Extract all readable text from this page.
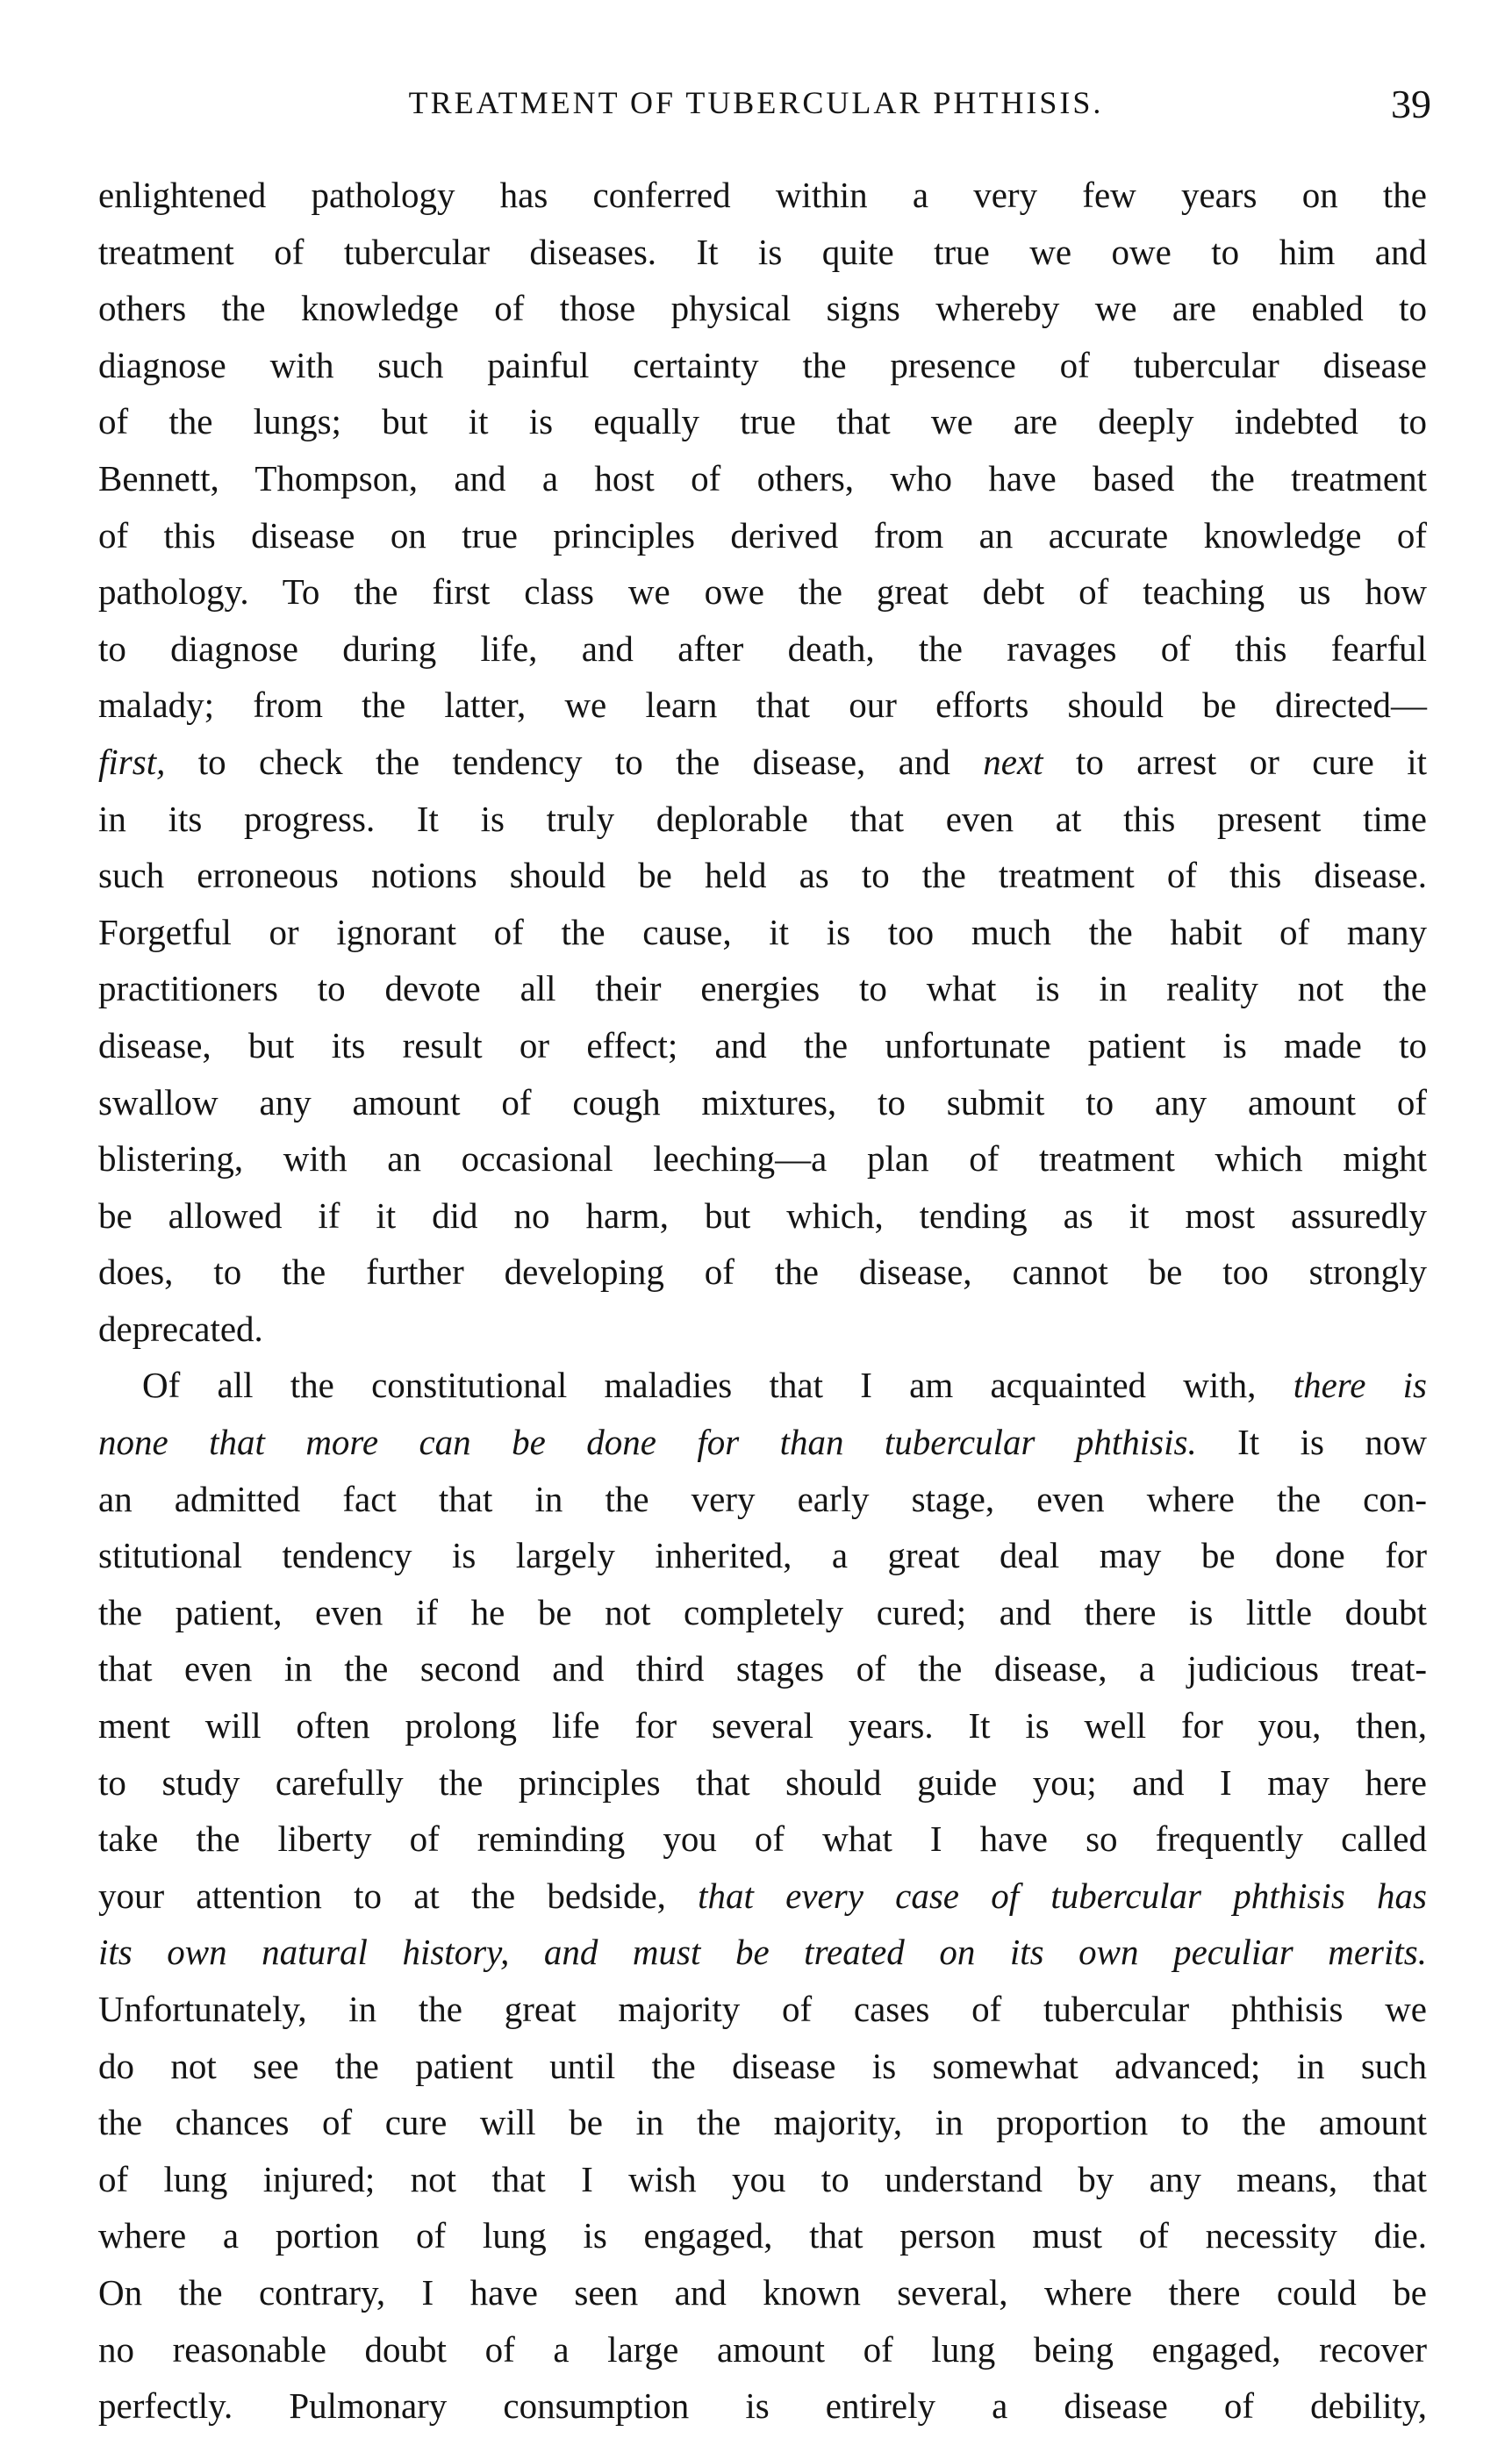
TREATMENT OF TUBERCULAR PHTHISIS.	39
enlightened pathology has conferred within a very few years on the
treatment of tubercular diseases. It is quite true we owe to him and
others the knowledge of those physical signs whereby we are enabled to
diagnose with such painful certainty the presence of tubercular disease
of the lungs; but it is equally true that we are deeply indebted to
Bennett, Thompson, and a host of others, who have based the treatment
of this disease on true principles derived from an accurate knowledge of
pathology. To the first class we owe the great debt of teaching us how
to diagnose during life, and after death, the ravages of this fearful
malady; from the latter, we learn that our efforts should be directed—
first, to check the tendency to the disease, and next to arrest or cure it
in its progress. It is truly deplorable that even at this present time
such erroneous notions should be held as to the treatment of this disease.
Forgetful or ignorant of the cause, it is too much the habit of many
practitioners to devote all their energies to what is in reality not the
disease, but its result or effect; and the unfortunate patient is made to
swallow any amount of cough mixtures, to submit to any amount of
blistering, with an occasional leeching—a plan of treatment which might
be allowed if it did no harm, but which, tending as it most assuredly
does, to the further developing of the disease, cannot be too strongly
deprecated.
Of all the constitutional maladies that I am acquainted with, there is
none that more can be done for than tubercular phthisis. It is now
an admitted fact that in the very early stage, even where the con-
stitutional tendency is largely inherited, a great deal may be done for
the patient, even if he be not completely cured; and there is little doubt
that even in the second and third stages of the disease, a judicious treat-
ment will often prolong life for several years. It is well for you, then,
to study carefully the principles that should guide you; and I may here
take the liberty of reminding you of what I have so frequently called
your attention to at the bedside, that every case of tubercular phthisis has
its own natural history, and must be treated on its own peculiar merits.
Unfortunately, in the great majority of cases of tubercular phthisis we
do not see the patient until the disease is somewhat advanced; in such
the chances of cure will be in the majority, in proportion to the amount
of lung injured; not that I wish you to understand by any means, that
where a portion of lung is engaged, that person must of necessity die.
On the contrary, I have seen and known several, where there could be
no reasonable doubt of a large amount of lung being engaged, recover
perfectly. Pulmonary consumption is entirely a disease of debility,
